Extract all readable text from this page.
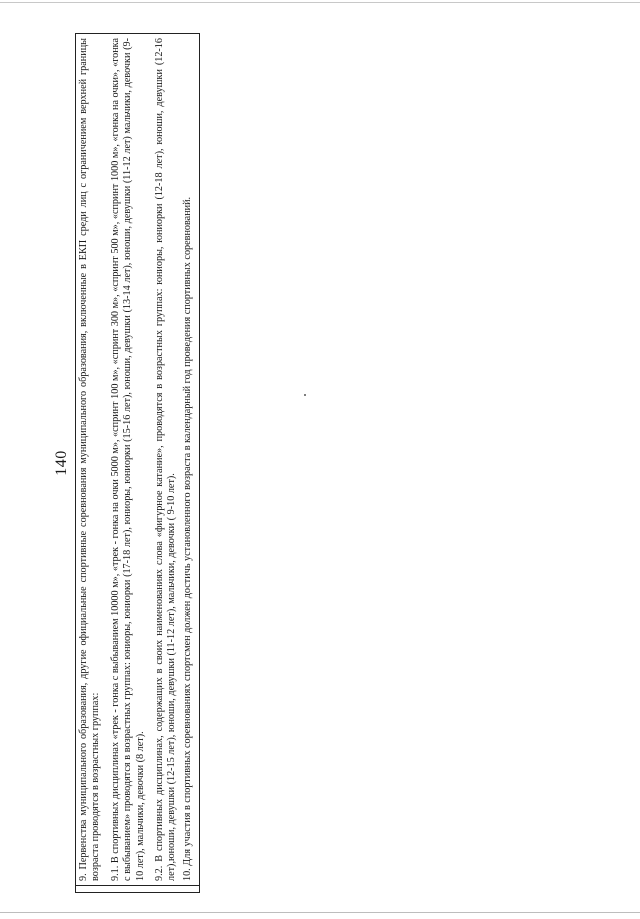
140
	9. Первенства муниципального образования, другие официальные спортивные соревнования муниципального образования, включенные в ЕКП среди лиц с ограничением верхней границы возраста проводятся в возрастных группах: 9.1. В спортивных дисциплинах «трек - гонка с выбыванием 10000 м», «трек - гонка на очки 5000 м», «спринт 100 м», «спринт 300 м», «спринт 500 м», «спринт 1000 м», «гонка на очки», «гонка с выбыванием» проводятся в возрастных группах: юниоры, юниорки (17-18 лет), юниоры, юниорки (15-16 лет), юноши, девушки (13-14 лет), юноши, девушки (11-12 лет) мальчики, девочки (9-10 лет), мальчики, девочки (8 лет). 9.2. В спортивных дисциплинах, содержащих в своих наименованиях слова «фигурное катание», проводятся в возрастных группах: юниоры, юниорки (12-18 лет), юноши, девушки (12-16 лет),юноши, девушки (12-15 лет), юноши, девушки (11-12 лет), мальчики, девочки ( 9-10 лет). 10. Для участия в спортивных соревнованиях спортсмен должен достичь установленного возраста в календарный год проведения спортивных соревнований.
